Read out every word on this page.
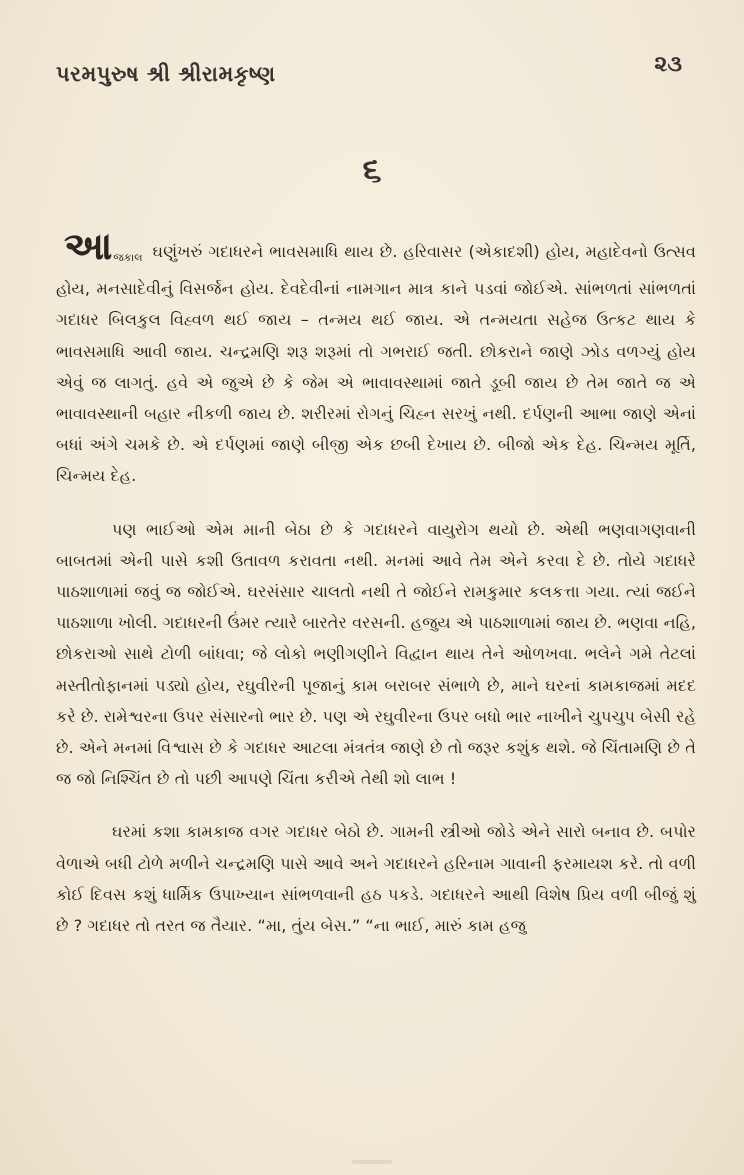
પરમપુરુષ શ્રી શ્રીરામકૃષ્ણ	૨૩
૬

આ$_{જકાલ}$ ઘણુંખરું ગદાધરને ભાવસમાધિ થાય છે. હરિવાસર (એકાદશી) હોય, મહાદેવનો ઉત્સવ હોય, મનસાદેવીનું વિસર્જન હોય. દેવદેવીનાં નામગાન માત્ર કાને પડવાં જોઈએ. સાંભળતાં સાંભળતાં ગદાધર બિલકુલ વિહ્વળ થઈ જાય – તન્મય થઈ જાય. એ તન્મયતા સહેજ ઉત્કટ થાય કે ભાવસમાધિ આવી જાય. ચન્દ્રમણિ શરૂ શરૂમાં તો ગભરાઈ જતી. છોકરાને જાણે ઝોડ વળગ્યું હોય એવું જ લાગતું. હવે એ જુએ છે કે જેમ એ ભાવાવસ્થામાં જાતે ડૂબી જાય છે તેમ જાતે જ એ ભાવાવસ્થાની બહાર નીકળી જાય છે. શરીરમાં રોગનું ચિહ્ન સરખું નથી. દર્પણની આભા જાણે એનાં બધાં અંગે ચમકે છે. એ દર્પણમાં જાણે બીજી એક છબી દેખાય છે. બીજો એક દેહ. ચિન્મય મૂર્તિ, ચિન્મય દેહ.

પણ ભાઈઓ એમ માની બેઠા છે કે ગદાધરને વાયુરોગ થયો છે. એથી ભણવાગણવાની બાબતમાં એની પાસે કશી ઉતાવળ કરાવતા નથી. મનમાં આવે તેમ એને કરવા દે છે. તોયે ગદાધરે પાઠશાળામાં જવું જ જોઈએ. ઘરસંસાર ચાલતો નથી તે જોઈને રામકુમાર કલકત્તા ગયા. ત્યાં જઈને પાઠશાળા ખોલી. ગદાધરની ઉંમર ત્યારે બારતેર વરસની. હજુય એ પાઠશાળામાં જાય છે. ભણવા નહિ, છોકરાઓ સાથે ટોળી બાંધવા; જે લોકો ભણીગણીને વિદ્વાન થાય તેને ઓળખવા. ભલેને ગમે તેટલાં મસ્તીતોફાનમાં પડ્યો હોય, રઘુવીરની પૂજાનું કામ બરાબર સંભાળે છે, માને ઘરનાં કામકાજમાં મદદ કરે છે. રામેશ્વરના ઉપર સંસારનો ભાર છે. પણ એ રઘુવીરના ઉપર બધો ભાર નાખીને ચુપચુપ બેસી રહે છે. એને મનમાં વિશ્વાસ છે કે ગદાધર આટલા મંત્રતંત્ર જાણે છે તો જરૂર કશુંક થશે. જે ચિંતામણિ છે તે જ જો નિશ્ચિંત છે તો પછી આપણે ચિંતા કરીએ તેથી શો લાભ !

ઘરમાં કશા કામકાજ વગર ગદાધર બેઠો છે. ગામની સ્ત્રીઓ જોડે એને સારો બનાવ છે. બપોર વેળાએ બધી ટોળે મળીને ચન્દ્રમણિ પાસે આવે અને ગદાધરને હરિનામ ગાવાની ફરમાયશ કરે. તો વળી કોઈ દિવસ કશું ધાર્મિક ઉપાખ્યાન સાંભળવાની હઠ પકડે. ગદાધરને આથી વિશેષ પ્રિય વળી બીજું શું છે ? ગદાધર તો તરત જ તૈયાર. “મા, તુંય બેસ.” “ના ભાઈ, મારું કામ હજુ
